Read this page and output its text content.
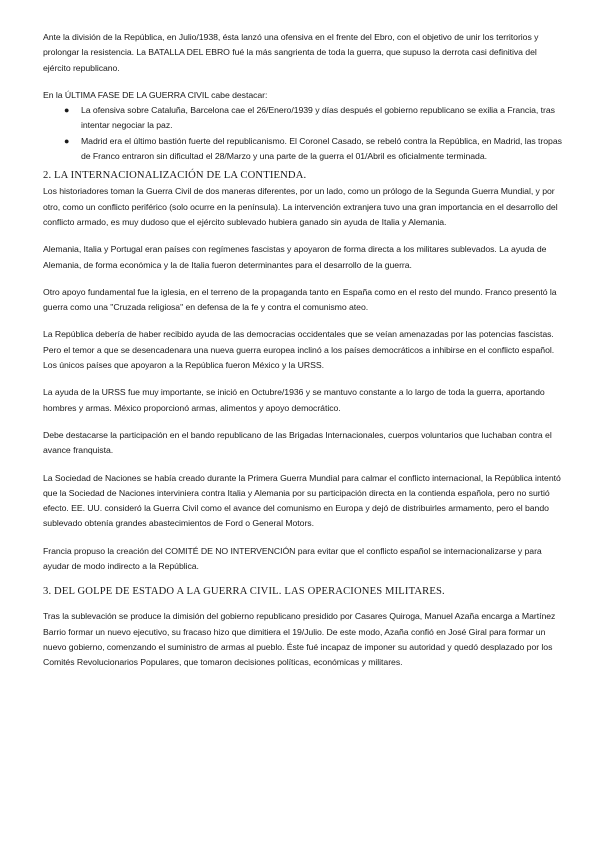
Ante la división de la República, en Julio/1938, ésta lanzó una ofensiva en el frente del Ebro, con el objetivo de unir los territorios y prolongar la resistencia. La BATALLA DEL EBRO fué la más sangrienta de toda la guerra, que supuso la derrota casi definitiva del ejército republicano.

En la ÚLTIMA FASE DE LA GUERRA CIVIL cabe destacar:

● La ofensiva sobre Cataluña, Barcelona cae el 26/Enero/1939 y días después el gobierno republicano se exilia a Francia, tras intentar negociar la paz.
● Madrid era el último bastión fuerte del republicanismo. El Coronel Casado, se rebeló contra la República, en Madrid, las tropas de Franco entraron sin dificultad el 28/Marzo y una parte de la guerra el 01/Abril es oficialmente terminada.
2. LA INTERNACIONALIZACIÓN DE LA CONTIENDA.

Los historiadores toman la Guerra Civil de dos maneras diferentes, por un lado, como un prólogo de la Segunda Guerra Mundial, y por otro, como un conflicto periférico (solo ocurre en la península). La intervención extranjera tuvo una gran importancia en el desarrollo del conflicto armado, es muy dudoso que el ejército sublevado hubiera ganado sin ayuda de Italia y Alemania.

Alemania, Italia y Portugal eran países con regímenes fascistas y apoyaron de forma directa a los militares sublevados. La ayuda de Alemania, de forma económica y la de Italia fueron determinantes para el desarrollo de la guerra.

Otro apoyo fundamental fue la iglesia, en el terreno de la propaganda tanto en España como en el resto del mundo. Franco presentó la guerra como una "Cruzada religiosa" en defensa de la fe y contra el comunismo ateo.

La República debería de haber recibido ayuda de las democracias occidentales que se veían amenazadas por las potencias fascistas. Pero el temor a que se desencadenara una nueva guerra europea inclinó a los países democráticos a inhibirse en el conflicto español. Los únicos países que apoyaron a la República fueron México y la URSS.

La ayuda de la URSS fue muy importante, se inició en Octubre/1936 y se mantuvo constante a lo largo de toda la guerra, aportando hombres y armas. México proporcionó armas, alimentos y apoyo democrático.

Debe destacarse la participación en el bando republicano de las Brigadas Internacionales, cuerpos voluntarios que luchaban contra el avance franquista.

La Sociedad de Naciones se había creado durante la Primera Guerra Mundial para calmar el conflicto internacional, la República intentó que la Sociedad de Naciones interviniera contra Italia y Alemania por su participación directa en la contienda española, pero no surtió efecto. EE. UU. consideró la Guerra Civil como el avance del comunismo en Europa y dejó de distribuirles armamento, pero el bando sublevado obtenía grandes abastecimientos de Ford o General Motors.

Francia propuso la creación del COMITÉ DE NO INTERVENCIÓN para evitar que el conflicto español se internacionalizarse y para ayudar de modo indirecto a la República.

3. DEL GOLPE DE ESTADO A LA GUERRA CIVIL. LAS OPERACIONES MILITARES.

Tras la sublevación se produce la dimisión del gobierno republicano presidido por Casares Quiroga, Manuel Azaña encarga a Martínez Barrio formar un nuevo ejecutivo, su fracaso hizo que dimitiera el 19/Julio. De este modo, Azaña confió en José Giral para formar un nuevo gobierno, comenzando el suministro de armas al pueblo. Éste fué incapaz de imponer su autoridad y quedó desplazado por los Comités Revolucionarios Populares, que tomaron decisiones políticas, económicas y militares.
